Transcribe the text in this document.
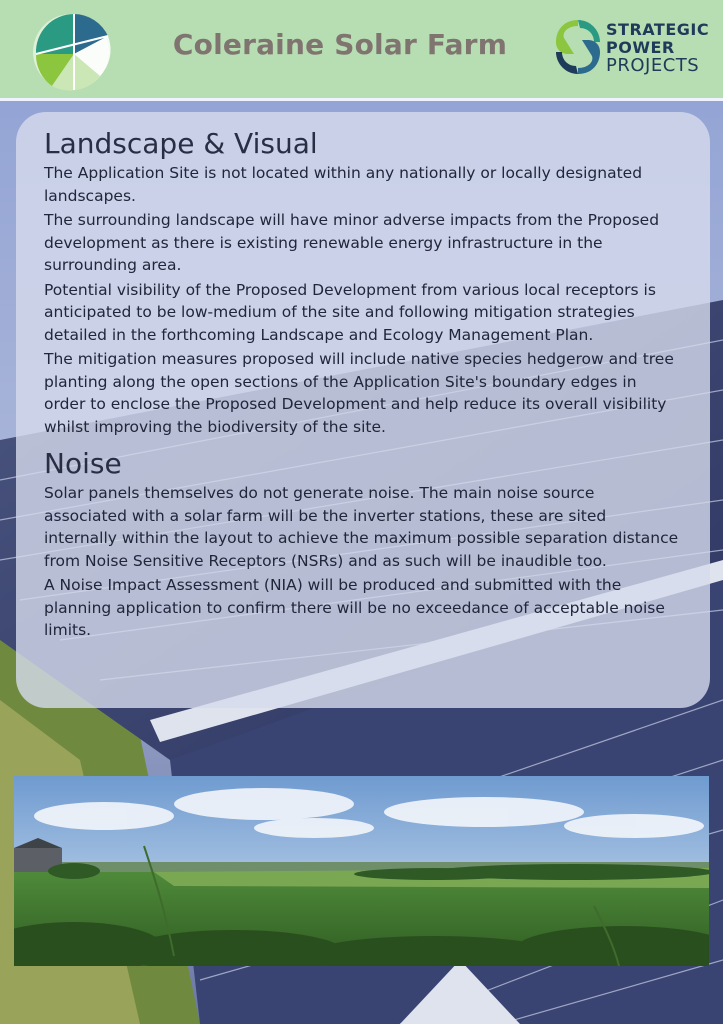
Coleraine Solar Farm	STRATEGIC
POWER
PROJECTS
Landscape & Visual

The Application Site is not located within any nationally or locally designated landscapes.

The surrounding landscape will have minor adverse impacts from the Proposed development as there is existing renewable energy infrastructure in the surrounding area.

Potential visibility of the Proposed Development from various local receptors is anticipated to be low-medium of the site and following mitigation strategies detailed in the forthcoming Landscape and Ecology Management Plan.

The mitigation measures proposed will include native species hedgerow and tree planting along the open sections of the Application Site's boundary edges in order to enclose the Proposed Development and help reduce its overall visibility whilst improving the biodiversity of the site.

Noise

Solar panels themselves do not generate noise. The main noise source associated with a solar farm will be the inverter stations, these are sited internally within the layout to achieve the maximum possible separation distance from Noise Sensitive Receptors (NSRs) and as such will be inaudible too.

A Noise Impact Assessment (NIA) will be produced and submitted with the planning application to confirm there will be no exceedance of acceptable noise limits.
